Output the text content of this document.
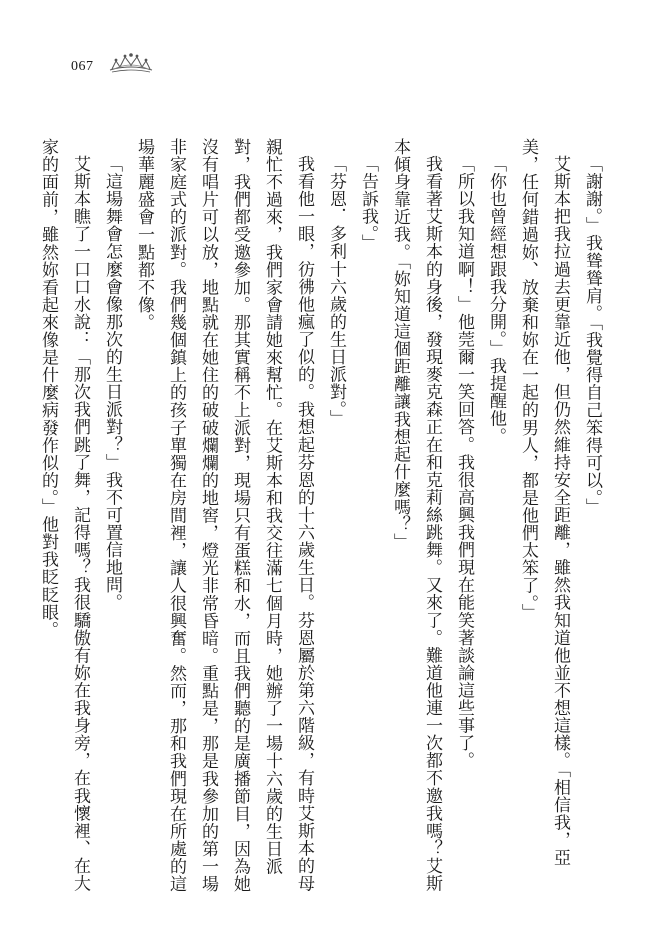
067

「謝謝。」我聳聳肩。「我覺得自己笨得可以。」

艾斯本把我拉過去更靠近他，但仍然維持安全距離，雖然我知道他並不想這樣。「相信我，亞美，任何錯過妳、放棄和妳在一起的男人，都是他們太笨了。」

「你也曾經想跟我分開。」我提醒他。

「所以我知道啊！」他莞爾一笑回答。我很高興我們現在能笑著談論這些事了。

我看著艾斯本的身後，發現麥克森正在和克莉絲跳舞。又來了。難道他連一次都不邀我嗎？艾斯本傾身靠近我。「妳知道這個距離讓我想起什麼嗎？」

「告訴我。」

「芬恩．多利十六歲的生日派對。」

我看他一眼，彷彿他瘋了似的。我想起芬恩的十六歲生日。芬恩屬於第六階級，有時艾斯本的母親忙不過來，我們家會請她來幫忙。在艾斯本和我交往滿七個月時，她辦了一場十六歲的生日派對，我們都受邀參加。那其實稱不上派對，現場只有蛋糕和水，而且我們聽的是廣播節目，因為她沒有唱片可以放，地點就在她住的破破爛爛的地窖，燈光非常昏暗。重點是，那是我參加的第一場非家庭式的派對。我們幾個鎮上的孩子單獨在房間裡，讓人很興奮。然而，那和我們現在所處的這場華麗盛會一點都不像。

「這場舞會怎麼會像那次的生日派對？」我不可置信地問。

艾斯本瞧了一口口水說：「那次我們跳了舞，記得嗎？我很驕傲有妳在我身旁，在我懷裡、在大家的面前，雖然妳看起來像是什麼病發作似的。」他對我眨眨眼。
